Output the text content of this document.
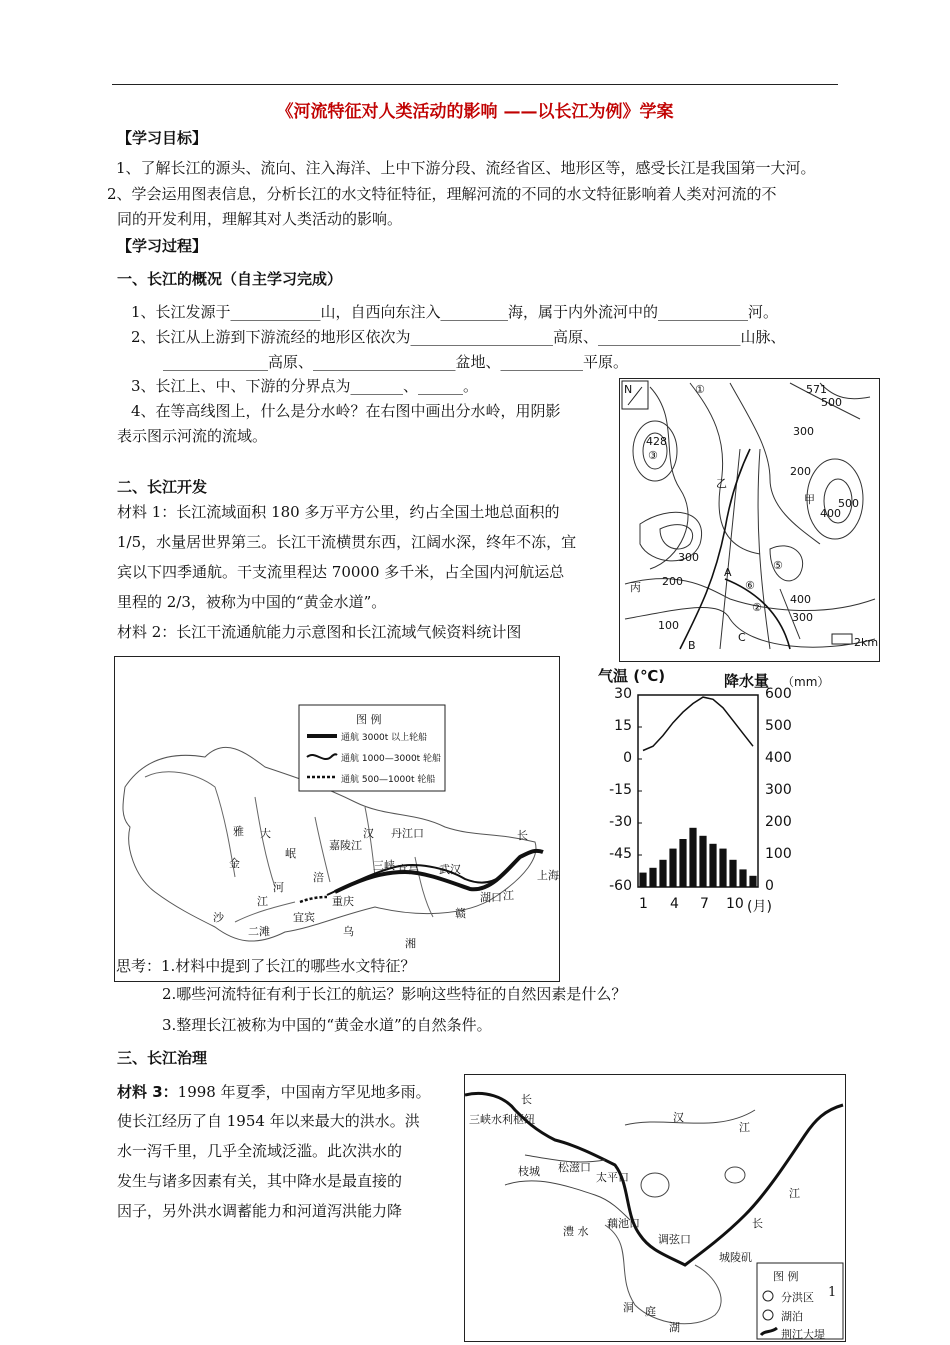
《河流特征对人类活动的影响 ——以长江为例》学案
【学习目标】
1、了解长江的源头、流向、注入海洋、上中下游分段、流经省区、地形区等，感受长江是我国第一大河。
2、学会运用图表信息，分析长江的水文特征特征，理解河流的不同的水文特征影响着人类对河流的不
同的开发利用，理解其对人类活动的影响。
【学习过程】
一、长江的概况（自主学习完成）
1、长江发源于____________山，自西向东注入_________海，属于内外流河中的____________河。
2、长江从上游到下游流经的地形区依次为___________________高原、___________________山脉、
______________高原、___________________盆地、___________平原。
3、长江上、中、下游的分界点为_______、______。
4、在等高线图上，什么是分水岭？在右图中画出分水岭，用阴影
表示图示河流的流域。
N	①	571
500
428
③
300
乙
200
甲
400
500
300
⑤
A
⑥
丙 200
400
300
100
B
C	2km
②
二、长江开发
材料 1：长江流域面积 180 多万平方公里，约占全国土地总面积的
1/5，水量居世界第三。长江干流横贯东西，江阔水深，终年不冻，宜
宾以下四季通航。干支流里程达 70000 多千米，占全国内河航运总
里程的 2/3，被称为中国的“黄金水道”。
材料 2：长江干流通航能力示意图和长江流域气候资料统计图
图 例
通航 3000t 以上轮船
通航 1000—3000t 轮船
通航 500—1000t 轮船
雅 大
金
沙
江
岷
河
宜宾
重庆
嘉陵江
汉 丹江口
三峡 宜昌 武汉
湖口
上海
长
江
二滩
赣
湘
乌
涪
气温 (℃)	降水量 （mm）
1 4 7 10 (月)
30
15
0
-15
-30
-45
-60
600
500
400
300
200
100
0
思考：1.材料中提到了长江的哪些水文特征？
2.哪些河流特征有利于长江的航运？影响这些特征的自然因素是什么？
3.整理长江被称为中国的“黄金水道”的自然条件。
三、长江治理
材料 3：1998 年夏季，中国南方罕见地多雨。
使长江经历了自 1954 年以来最大的洪水。洪
水一泻千里，几乎全流域泛滥。此次洪水的
发生与诸多因素有关，其中降水是最直接的
因子，另外洪水调蓄能力和河道泻洪能力降
长
三峡水利枢纽	汉
江
枝城 松滋口
太平口
江
藕池口	长
调弦口
澧 水
城陵矶
洞 庭
湖
图 例
分洪区
湖泊
荆江大堤
1
